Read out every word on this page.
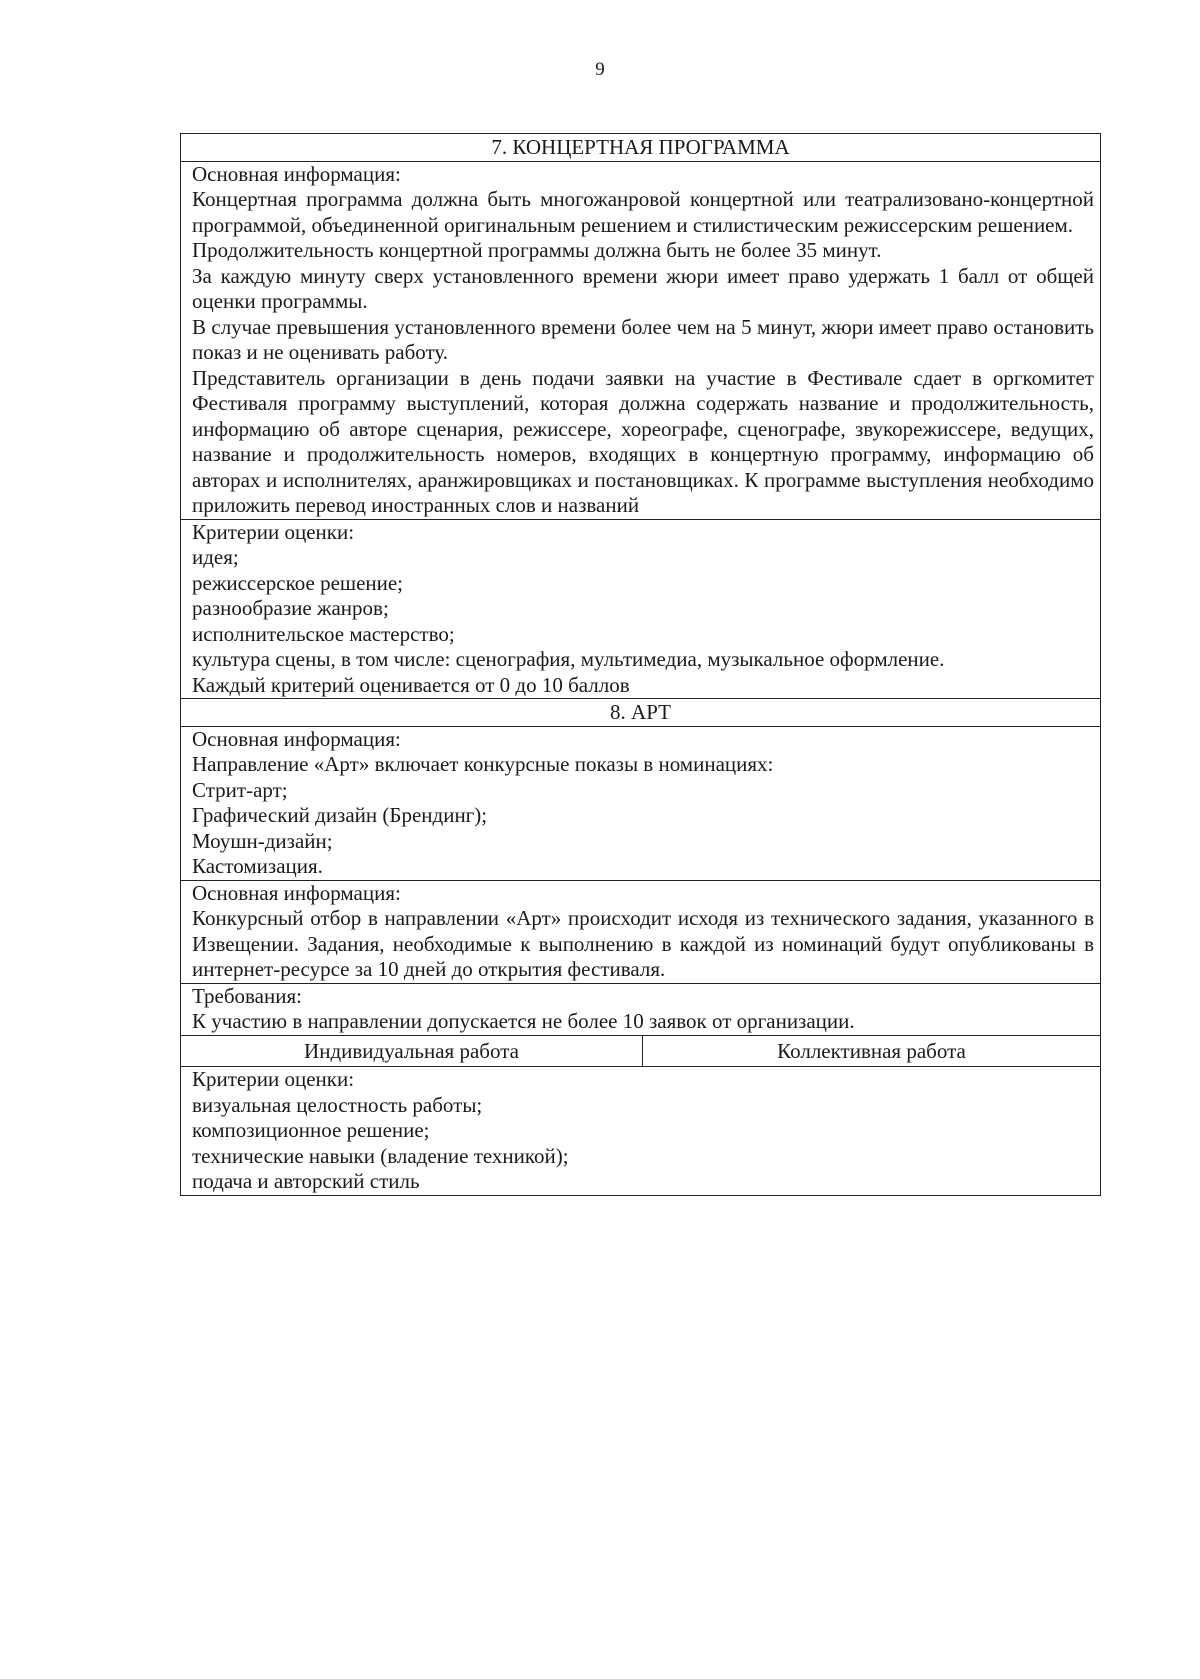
9
7. КОНЦЕРТНАЯ ПРОГРАММА

Основная информация:
Концертная программа должна быть многожанровой концертной или театрализовано-концертной программой, объединенной оригинальным решением и стилистическим режиссерским решением.
Продолжительность концертной программы должна быть не более 35 минут.
За каждую минуту сверх установленного времени жюри имеет право удержать 1 балл от общей оценки программы.
В случае превышения установленного времени более чем на 5 минут, жюри имеет право остановить показ и не оценивать работу.
Представитель организации в день подачи заявки на участие в Фестивале сдает в оргкомитет Фестиваля программу выступлений, которая должна содержать название и продолжительность, информацию об авторе сценария, режиссере, хореографе, сценографе, звукорежиссере, ведущих, название и продолжительность номеров, входящих в концертную программу, информацию об авторах и исполнителях, аранжировщиках и постановщиках. К программе выступления необходимо приложить перевод иностранных слов и названий

Критерии оценки:
идея;
режиссерское решение;
разнообразие жанров;
исполнительское мастерство;
культура сцены, в том числе: сценография, мультимедиа, музыкальное оформление.
Каждый критерий оценивается от 0 до 10 баллов

8. АРТ

Основная информация:
Направление «Арт» включает конкурсные показы в номинациях:
Стрит-арт;
Графический дизайн (Брендинг);
Моушн-дизайн;
Кастомизация.

Основная информация:
Конкурсный отбор в направлении «Арт» происходит исходя из технического задания, указанного в Извещении. Задания, необходимые к выполнению в каждой из номинаций будут опубликованы в интернет-ресурсе за 10 дней до открытия фестиваля.

Требования:
К участию в направлении допускается не более 10 заявок от организации.

Индивидуальная работа	Коллективная работа

Критерии оценки:
визуальная целостность работы;
композиционное решение;
технические навыки (владение техникой);
подача и авторский стиль
